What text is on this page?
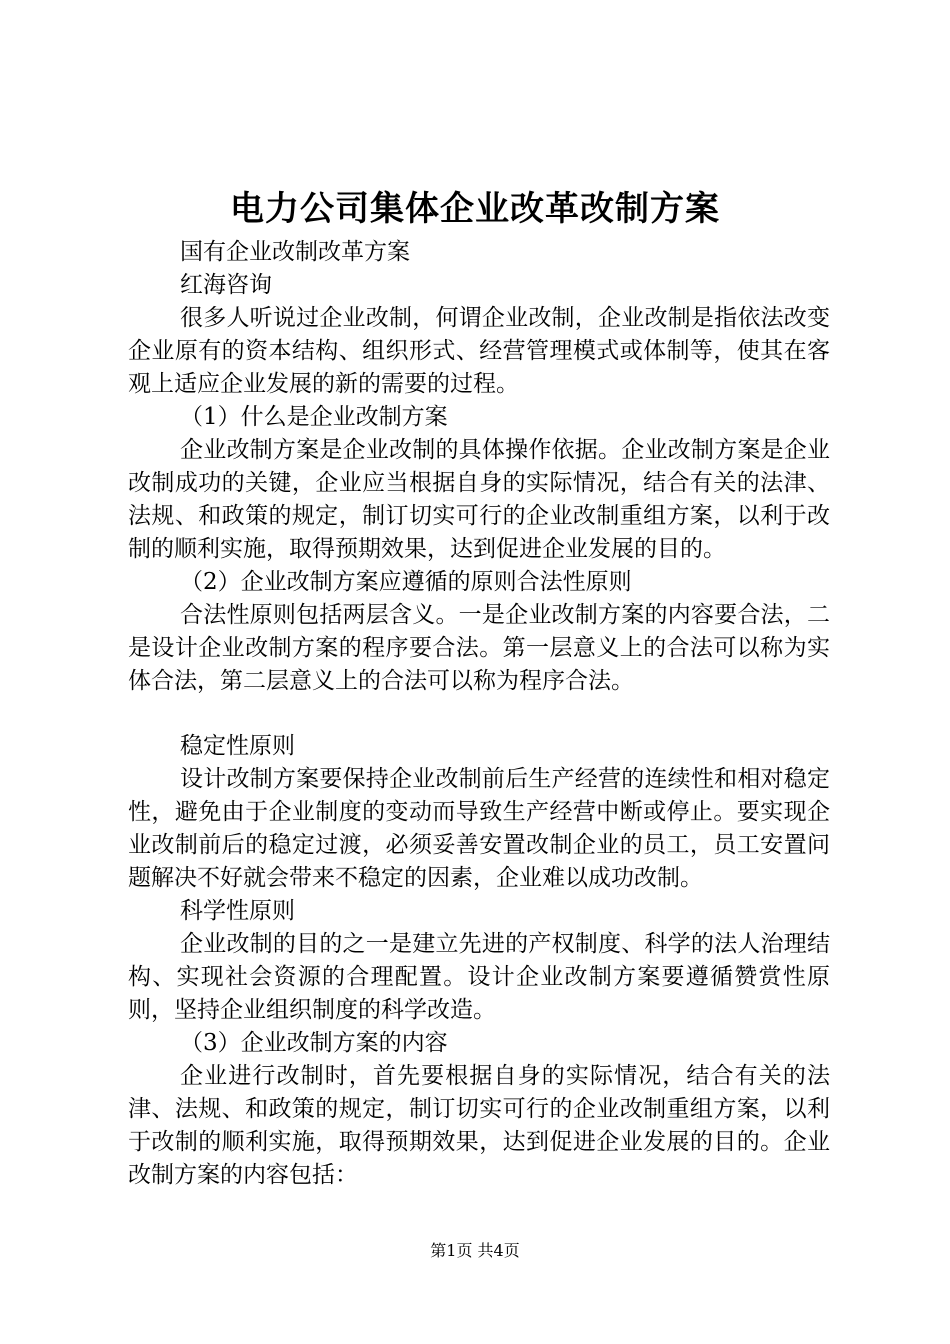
电力公司集体企业改革改制方案

国有企业改制改革方案

红海咨询

很多人听说过企业改制，何谓企业改制，企业改制是指依法改变企业原有的资本结构、组织形式、经营管理模式或体制等，使其在客观上适应企业发展的新的需要的过程。

（1）什么是企业改制方案

企业改制方案是企业改制的具体操作依据。企业改制方案是企业改制成功的关键，企业应当根据自身的实际情况，结合有关的法津、法规、和政策的规定，制订切实可行的企业改制重组方案，以利于改制的顺利实施，取得预期效果，达到促进企业发展的目的。

（2）企业改制方案应遵循的原则合法性原则

合法性原则包括两层含义。一是企业改制方案的内容要合法，二是设计企业改制方案的程序要合法。第一层意义上的合法可以称为实体合法，第二层意义上的合法可以称为程序合法。

稳定性原则

设计改制方案要保持企业改制前后生产经营的连续性和相对稳定性，避免由于企业制度的变动而导致生产经营中断或停止。要实现企业改制前后的稳定过渡，必须妥善安置改制企业的员工，员工安置问题解决不好就会带来不稳定的因素，企业难以成功改制。

科学性原则

企业改制的目的之一是建立先进的产权制度、科学的法人治理结构、实现社会资源的合理配置。设计企业改制方案要遵循赞赏性原则，坚持企业组织制度的科学改造。

（3）企业改制方案的内容

企业进行改制时，首先要根据自身的实际情况，结合有关的法津、法规、和政策的规定，制订切实可行的企业改制重组方案，以利于改制的顺利实施，取得预期效果，达到促进企业发展的目的。企业改制方案的内容包括：

第1页 共4页
